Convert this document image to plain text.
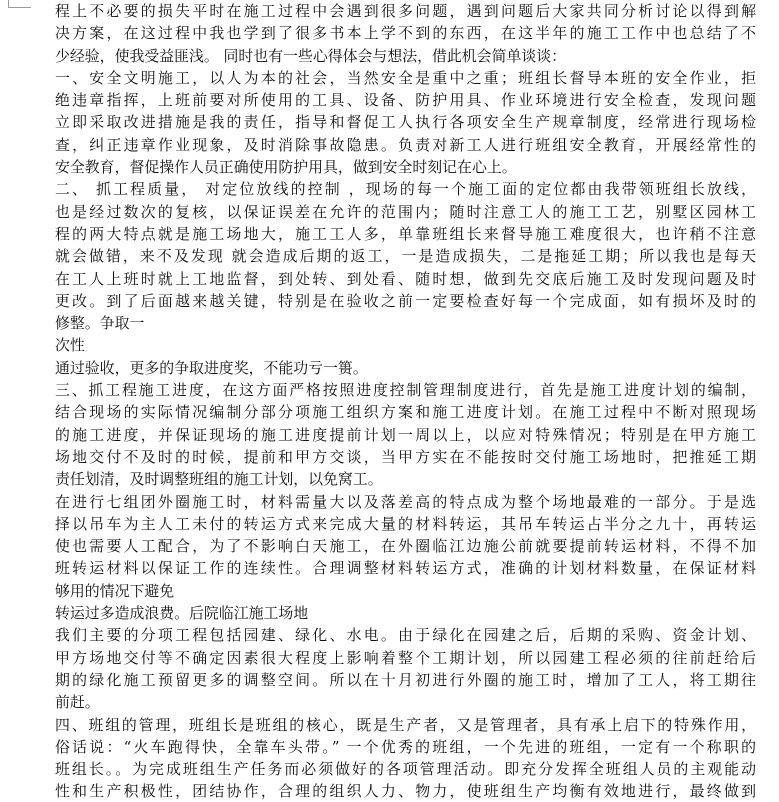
程上不必要的损失平时在施工过程中会遇到很多问题，遇到问题后大家共同分析讨论以得到解
决方案，在这过程中我也学到了很多书本上学不到的东西，在这半年的施工工作中也总结了不
少经验，使我受益匪浅。 同时也有一些心得体会与想法，借此机会简单谈谈：
一、安全文明施工，以人为本的社会，当然安全是重中之重；班组长督导本班的安全作业，拒
绝违章指挥，上班前要对所使用的工具、设备、防护用具、作业环境进行安全检查，发现问题
立即采取改进措施是我的责任，指导和督促工人执行各项安全生产规章制度，经常进行现场检
查，纠正违章作业现象，及时消除事故隐患。负责对新工人进行班组安全教育，开展经常性的
安全教育，督促操作人员正确使用防护用具，做到安全时刻记在心上。
二、 抓工程质量， 对定位放线的控制 ，现场的每一个施工面的定位都由我带领班组长放线，
也是经过数次的复核，以保证误差在允许的范围内；随时注意工人的施工工艺，别墅区园林工
程的两大特点就是施工场地大，施工工人多，单靠班组长来督导施工难度很大，也许稍不注意
就会做错，来不及发现 就会造成后期的返工，一是造成损失，二是拖延工期；所以我也是每天
在工人上班时就上工地监督，到处转、到处看、随时想，做到先交底后施工及时发现问题及时
更改。到了后面越来越关键，特别是在验收之前一定要检查好每一个完成面，如有损坏及时的
修整。争取一
次性
通过验收，更多的争取进度奖，不能功亏一篑。
三、抓工程施工进度，在这方面严格按照进度控制管理制度进行，首先是施工进度计划的编制，
结合现场的实际情况编制分部分项施工组织方案和施工进度计划。在施工过程中不断对照现场
的施工进度，并保证现场的施工进度提前计划一周以上，以应对特殊情况；特别是在甲方施工
场地交付不及时的时候，提前和甲方交谈，当甲方实在不能按时交付施工场地时，把推延工期
责任划清，及时调整班组的施工计划，以免窝工。
在进行七组团外圈施工时，材料需量大以及落差高的特点成为整个场地最难的一部分。于是选
择以吊车为主人工未付的转运方式来完成大量的材料转运，其吊车转运占半分之九十，再转运
使也需要人工配合，为了不影响白天施工，在外圈临江边施公前就要提前转运材料，不得不加
班转运材料以保证工作的连续性。合理调整材料转运方式，准确的计划材料数量，在保证材料
够用的情况下避免
转运过多造成浪费。后院临江施工场地
我们主要的分项工程包括园建、绿化、水电。由于绿化在园建之后，后期的采购、资金计划、
甲方场地交付等不确定因素很大程度上影响着整个工期计划，所以园建工程必须的往前赶给后
期的绿化施工预留更多的调整空间。所以在十月初进行外圈的施工时，增加了工人，将工期往
前赶。
四、班组的管理，班组长是班组的核心，既是生产者，又是管理者，具有承上启下的特殊作用，
俗话说：“火车跑得快，全靠车头带。” 一个优秀的班组，一个先进的班组，一定有一个称职的
班组长。。为完成班组生产任务而必须做好的各项管理活动。即充分发挥全班组人员的主观能动
性和生产积极性，团结协作，合理的组织人力、物力，使班组生产均衡有效地进行，最终做到
